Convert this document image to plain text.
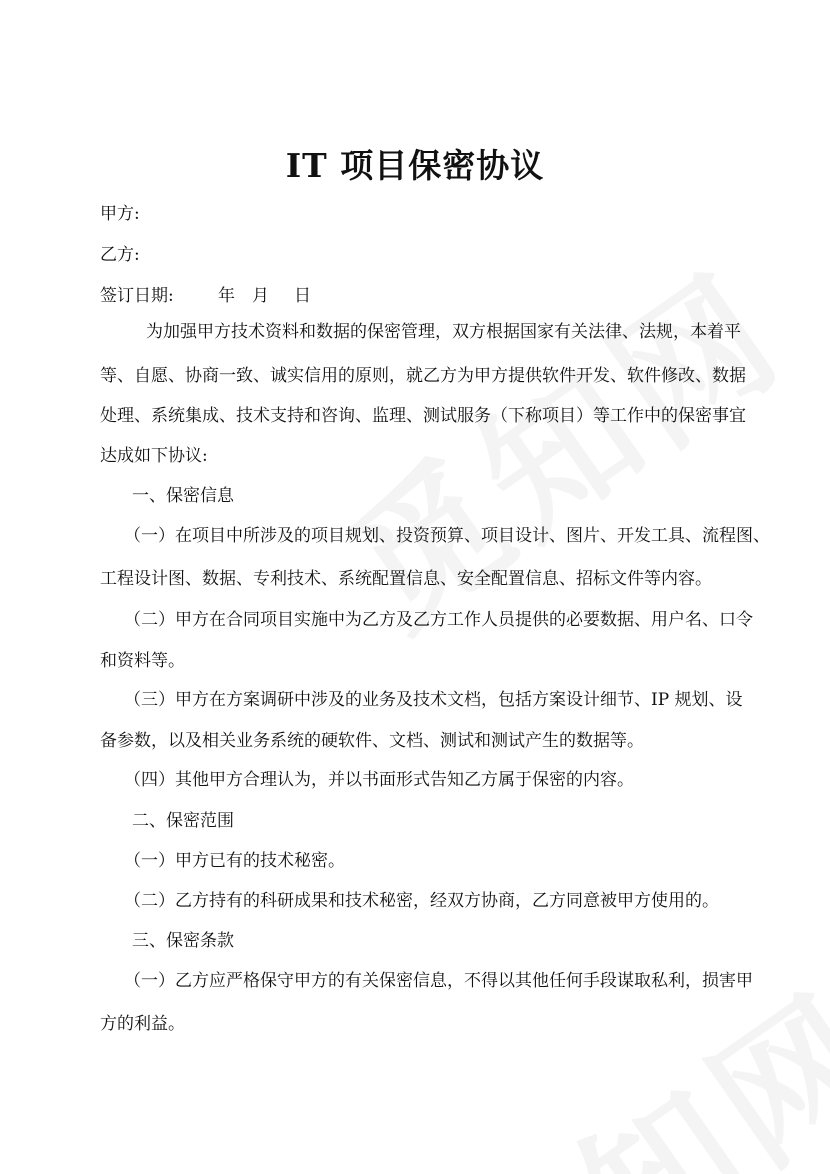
IT 项目保密协议

甲方:

乙方:

签订日期:	年 月 日

为加强甲方技术资料和数据的保密管理，双方根据国家有关法律、法规，本着平

等、自愿、协商一致、诚实信用的原则，就乙方为甲方提供软件开发、软件修改、数据

处理、系统集成、技术支持和咨询、监理、测试服务（下称项目）等工作中的保密事宜

达成如下协议:

一、保密信息

（一）在项目中所涉及的项目规划、投资预算、项目设计、图片、开发工具、流程图、

工程设计图、数据、专利技术、系统配置信息、安全配置信息、招标文件等内容。

（二）甲方在合同项目实施中为乙方及乙方工作人员提供的必要数据、用户名、口令

和资料等。

（三）甲方在方案调研中涉及的业务及技术文档，包括方案设计细节、IP 规划、设

备参数，以及相关业务系统的硬软件、文档、测试和测试产生的数据等。

（四）其他甲方合理认为，并以书面形式告知乙方属于保密的内容。

二、保密范围

（一）甲方已有的技术秘密。

（二）乙方持有的科研成果和技术秘密，经双方协商，乙方同意被甲方使用的。

三、保密条款

（一）乙方应严格保守甲方的有关保密信息，不得以其他任何手段谋取私利，损害甲

方的利益。
